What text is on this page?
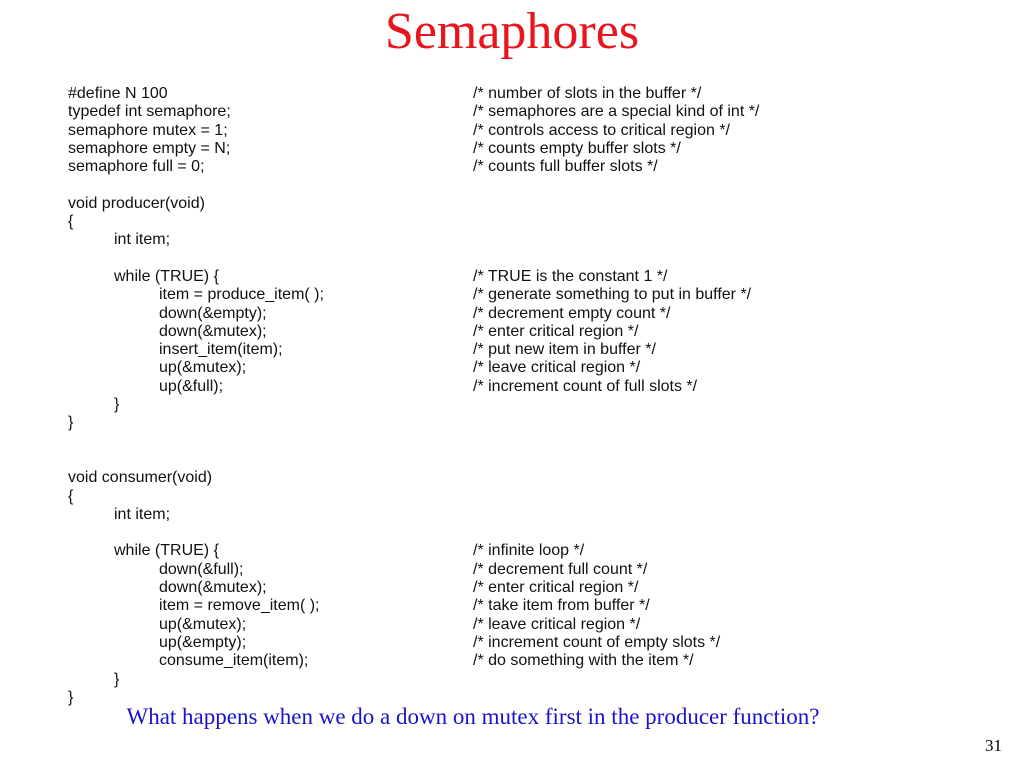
Semaphores
#define N 100	/* number of slots in the buffer */
typedef int semaphore;	/* semaphores are a special kind of int */
semaphore mutex = 1;	/* controls access to critical region */
semaphore empty = N;	/* counts empty buffer slots */
semaphore full = 0;	/* counts full buffer slots */
void producer(void)
{
int item;
while (TRUE) {	/* TRUE is the constant 1 */
item = produce_item( );	/* generate something to put in buffer */
down(&empty);	/* decrement empty count */
down(&mutex);	/* enter critical region */
insert_item(item);	/* put new item in buffer */
up(&mutex);	/* leave critical region */
up(&full);	/* increment count of full slots */
}
}
void consumer(void)
{
int item;
while (TRUE) {	/* infinite loop */
down(&full);	/* decrement full count */
down(&mutex);	/* enter critical region */
item = remove_item( );	/* take item from buffer */
up(&mutex);	/* leave critical region */
up(&empty);	/* increment count of empty slots */
consume_item(item);	/* do something with the item */
}
}
What happens when we do a down on mutex first in the producer function?
31
